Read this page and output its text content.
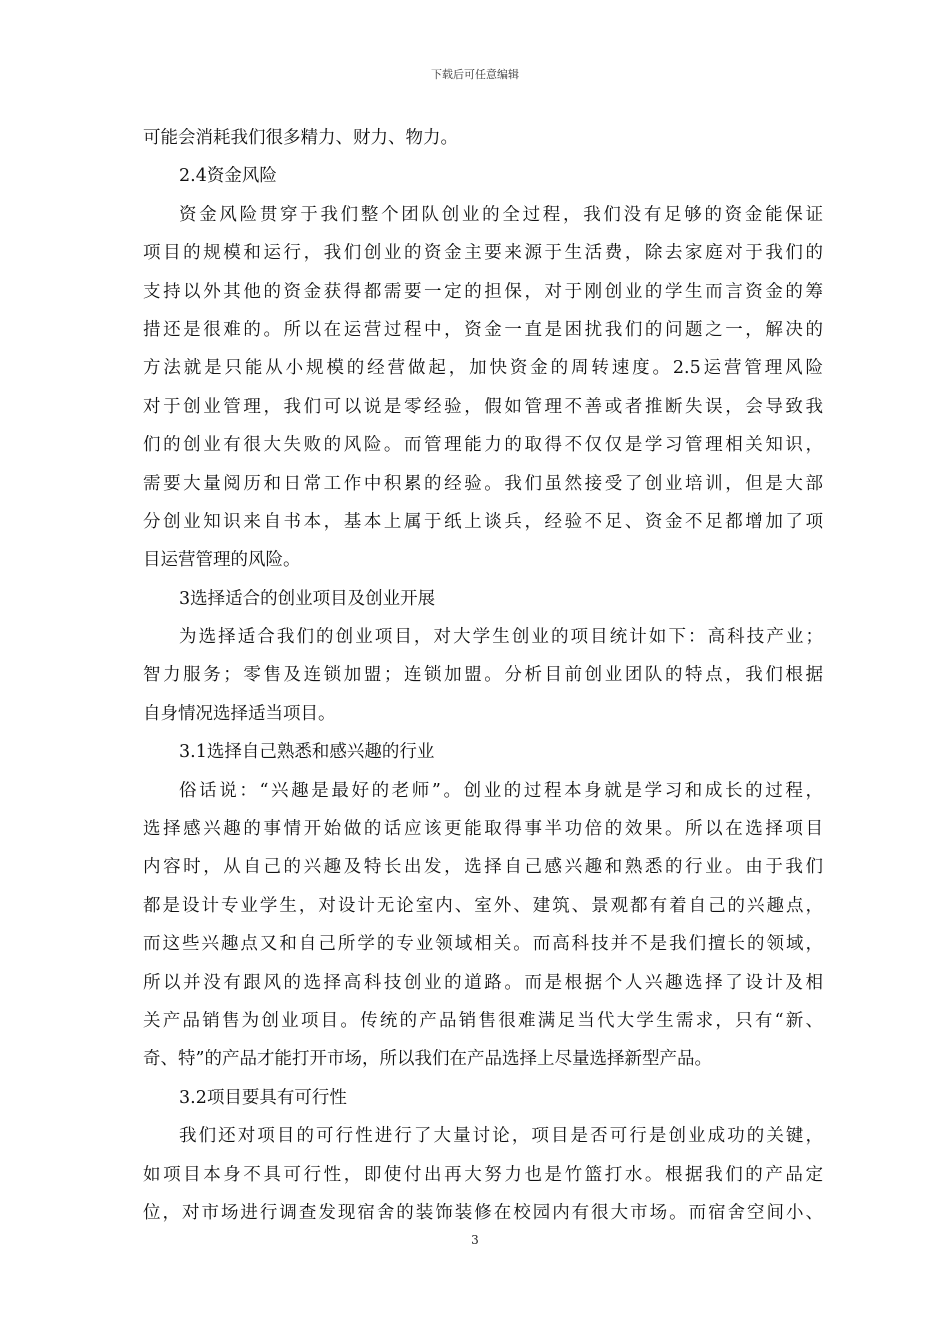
下载后可任意编辑
可能会消耗我们很多精力、财力、物力。
2.4资金风险
资金风险贯穿于我们整个团队创业的全过程，我们没有足够的资金能保证
项目的规模和运行，我们创业的资金主要来源于生活费，除去家庭对于我们的
支持以外其他的资金获得都需要一定的担保，对于刚创业的学生而言资金的筹
措还是很难的。所以在运营过程中，资金一直是困扰我们的问题之一，解决的
方法就是只能从小规模的经营做起，加快资金的周转速度。2.5运营管理风险
对于创业管理，我们可以说是零经验，假如管理不善或者推断失误，会导致我
们的创业有很大失败的风险。而管理能力的取得不仅仅是学习管理相关知识，
需要大量阅历和日常工作中积累的经验。我们虽然接受了创业培训，但是大部
分创业知识来自书本，基本上属于纸上谈兵，经验不足、资金不足都增加了项
目运营管理的风险。
3选择适合的创业项目及创业开展
为选择适合我们的创业项目，对大学生创业的项目统计如下：高科技产业；
智力服务；零售及连锁加盟；连锁加盟。分析目前创业团队的特点，我们根据
自身情况选择适当项目。
3.1选择自己熟悉和感兴趣的行业
俗话说：“兴趣是最好的老师”。创业的过程本身就是学习和成长的过程，
选择感兴趣的事情开始做的话应该更能取得事半功倍的效果。所以在选择项目
内容时，从自己的兴趣及特长出发，选择自己感兴趣和熟悉的行业。由于我们
都是设计专业学生，对设计无论室内、室外、建筑、景观都有着自己的兴趣点，
而这些兴趣点又和自己所学的专业领域相关。而高科技并不是我们擅长的领域，
所以并没有跟风的选择高科技创业的道路。而是根据个人兴趣选择了设计及相
关产品销售为创业项目。传统的产品销售很难满足当代大学生需求，只有“新、
奇、特”的产品才能打开市场，所以我们在产品选择上尽量选择新型产品。
3.2项目要具有可行性
我们还对项目的可行性进行了大量讨论，项目是否可行是创业成功的关键，
如项目本身不具可行性，即使付出再大努力也是竹篮打水。根据我们的产品定
位，对市场进行调查发现宿舍的装饰装修在校园内有很大市场。而宿舍空间小、
3
